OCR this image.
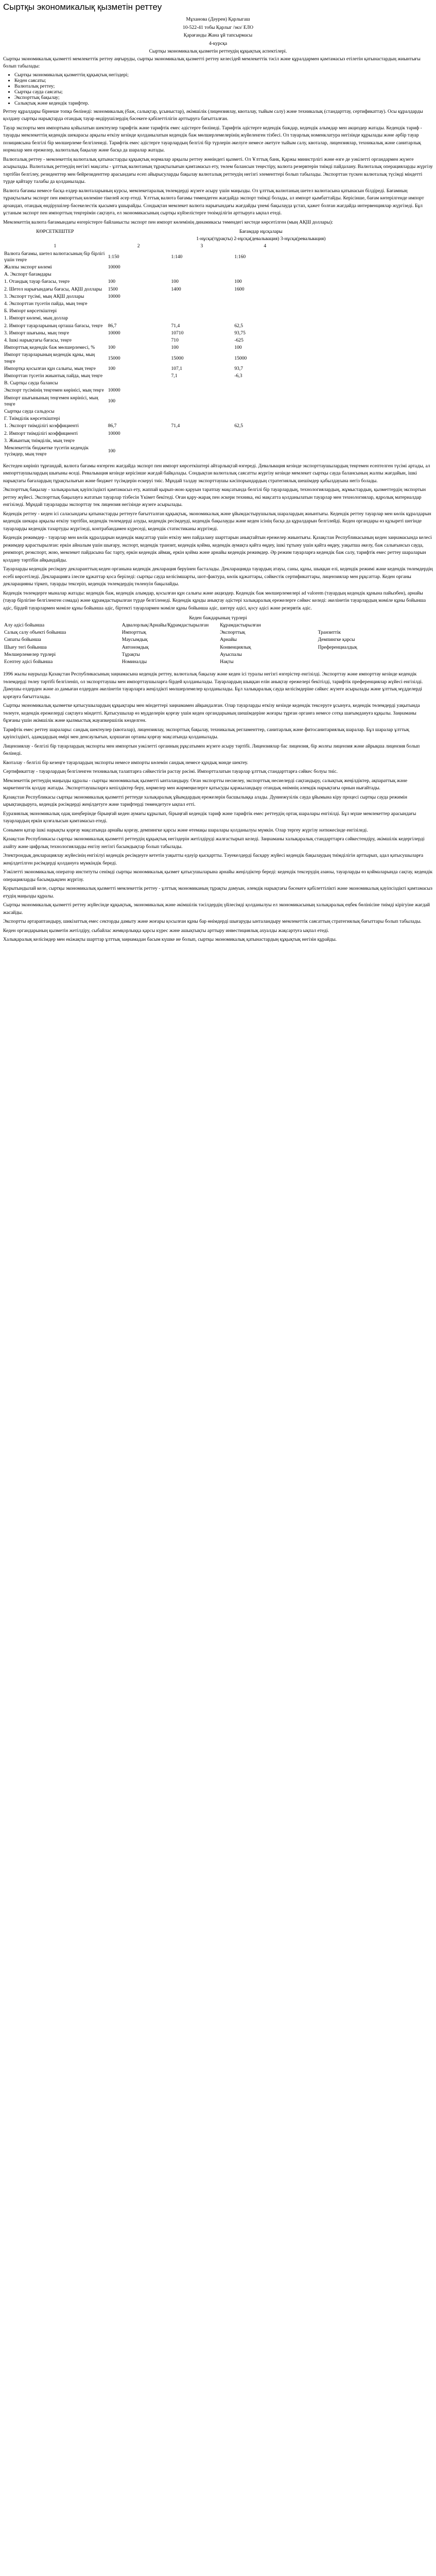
Сыртқы экономикалық қызметін реттеу
Мұханова (Дәурен) Қарлыгаш
10-522-41 тобы Қарлыг /экз/ ЕЛО
Қарағанды Жана ұй тапсырмасы
4-курсқа
Сыртқы экономикалық қызметін реттеудің құқықтық аспектілері.

Сыртқы экономикалық қызметті мемлекеттік реттеу аңғыруды, сыртқы экономикалық қызметті реттеу келесідей мемлекеттік тәсіл және құралдармен қамтамасыз етілетін қатынастардың жиынтығы болып табылады:

• Сыртқы экономикалық қызметтің құқықтық негіздері;
• Кеден саясаты;
• Валюталық реттеу;
• Сыртқы сауда саясаты;
• Экспорттық бақылау;
• Салықтық және кедендік тарифтер.

Реттеу құралдары бірнеше топқа бөлінеді: экономикалық (баж, салықтар, ұсыныстар), әкімшілік (лицензиялау, квоталау, тыйым салу) және техникалық (стандарттау, сертификаттау). Осы құралдарды қолдану сыртқы нарықтарда отандық тауар өндірушілердің бәсекеге қабілеттілігін арттыруға бағытталған.

Тауар экспорты мен импортына қойылатын шектеулер тарифтік және тарифтік емес әдістерге бөлінеді. Тарифтік әдістерге кедендік баждар, кедендік алымдар мен акциздер жатады. Кедендік тариф - тауарды мемлекеттің кедендік шекарасы арқылы өткізу кезінде қолданылатын кедендік баж мөлшерлемелерінің жүйеленген тізбесі. Ол тауарлық номенклатура негізінде құрылады және әрбір тауар позициясына белгілі бір мөлшерлеме белгіленеді. Тарифтік емес әдістерге тауарлардың белгілі бір түрлерін әкелуге немесе әкетуге тыйым салу, квоталар, лицензиялар, техникалық және санитарлық нормалар мен ережелер, валюталық бақылау және басқа да шаралар жатады.

Валюталық реттеу - мемлекеттің валюталық қатынастарды құқықтық нормалар арқылы реттеу жөніндегі қызметі. Ол Ұлттық банк, Қаржы министрлігі және өзге де уәкілетті органдармен жүзеге асырылады. Валюталық реттеудің негізгі мақсаты - ұлттық валютаның тұрақтылығын қамтамасыз ету, төлем балансын теңестіру, валюта резервтерін тиімді пайдалану. Валюталық операцияларды жүргізу тәртібін белгілеу, резиденттер мен бейрезиденттер арасындағы есеп айырысуларды бақылау валюталық реттеудің негізгі элементтері болып табылады. Экспорттан түскен валюталық түсімді міндетті түрде қайтару талабы да қолданылады.

Валюта бағамы немесе басқа елдер валюталарының курсы, мемлекетаралық төлемдерді жүзеге асыру үшін маңызды. Ол ұлттық валютаның шетел валютасына қатынасын білдіреді. Бағамның тұрақтылығы экспорт пен импорттың көлеміне тікелей әсер етеді. Ұлттық валюта бағамы төмендеген жағдайда экспорт тиімді болады, ал импорт қымбаттайды. Керісінше, бағам көтерілгенде импорт арзандап, отандық өндірушілер бәсекелестік қысымға ұшырайды. Сондықтан мемлекет валюта нарығындағы жағдайды үнемі бақылауда ұстап, қажет болған жағдайда интервенциялар жүргізеді. Бұл ұстаным экспорт пен импорттың теңгерімін сақтауға, ел экономикасының сыртқы күйзелістерге төзімділігін арттыруға ықпал етеді.

Мемлекеттің валюта бағамындағы өзгерістерге байланысты экспорт пен импорт көлемінің динамикасы төмендегі кестеде көрсетілген (мың АҚШ доллары):

КӨРСЕТКІШТЕР	Бағамдар нұсқалары			
	1-нұсқа(тұрақты) 2-нұсқа(девальвация) 3-нұсқа(ревальвация)			
1	2	3	4	
Валюта бағамы, шетел валютасының бір бірлігі үшін теңге	1:150	1:140	1:160	
Жалпы экспорт көлемі	10000			
А. Экспорт бағамдары				
1. Отандық тауар бағасы, теңге	100	100	100	
2. Шетел нарығындағы бағасы, АҚШ доллары	1500	1400	1600	
3. Экспорт түсімі, мың АҚШ доллары	10000			
4. Экспорттан түсетін пайда, мың теңге				
Б. Импорт көрсеткіштері				
1. Импорт көлемі, мың доллар				
2. Импорт тауарларының орташа бағасы, теңге	86,7	71,4	62,5	
3. Импорт шығыны, мың теңге	10000	10710	93,75	
4. Ішкі нарықтағы бағасы, теңге		710	-625	
Импорттық кедендік баж мөлшерлемесі, %	100	100	100	
Импорт тауарларының кедендік құны, мың теңге	15000	15000	15000	
Импортқа қосылған құн салығы, мың теңге	100	107,1	93,7	
Импорттан түсетін жиынтық пайда, мың теңге		7,1	-6,3	
В. Сыртқы сауда балансы				
Экспорт түсімінің теңгемен көрінісі, мың теңге	10000			
Импорт шығынының теңгемен көрінісі, мың теңге	100			
Сыртқы сауда сальдосы				
Г. Тиімділік көрсеткіштері				
1. Экспорт тиімділігі коэффициенті	86,7	71,4	62,5	
2. Импорт тиімділігі коэффициенті	10000			
3. Жиынтық тиімділік, мың теңге				
Мемлекеттік бюджетке түсетін кедендік түсімдер, мың теңге	100			

Кестеден көрініп тұрғандай, валюта бағамы өзгерген жағдайда экспорт пен импорт көрсеткіштері айтарлықтай өзгереді. Девальвация кезінде экспорттаушылардың теңгемен есептелген түсімі артады, ал импорттаушылардың шығыны өседі. Ревальвация кезінде керісінше жағдай байқалады. Сондықтан валюталық саясатты жүргізу кезінде мемлекет сыртқы сауда балансының жалпы жағдайын, ішкі нарықтағы бағалардың тұрақтылығын және бюджет түсімдерін ескеруі тиіс. Мұндай талдау экспорттаушы кәсіпорындардың стратегиялық шешімдер қабылдауына негіз болады.

Экспорттық бақылау - халықаралық қауіпсіздікті қамтамасыз ету, жаппай қырып-жою қаруын таратпау мақсатында белгілі бір тауарлардың, технологиялардың, жұмыстардың, қызметтердің экспортын реттеу жүйесі. Экспорттық бақылауға жататын тауарлар тізбесін Үкімет бекітеді. Оған қару-жарақ пен әскери техника, екі мақсатта қолданылатын тауарлар мен технологиялар, ядролық материалдар енгізіледі. Мұндай тауарларды экспорттау тек лицензия негізінде жүзеге асырылады.

Кедендік реттеу - кеден ісі саласындағы қатынастарды реттеуге бағытталған құқықтық, экономикалық және ұйымдастырушылық шаралардың жиынтығы. Кедендік реттеу тауарлар мен көлік құралдарын кедендік шекара арқылы өткізу тәртібін, кедендік төлемдерді алуды, кедендік ресімдеуді, кедендік бақылауды және кеден ісінің басқа да құралдарын белгілейді. Кеден органдары өз құзыреті шегінде тауарларды кедендік тазартуды жүргізеді, контрабандамен күреседі, кедендік статистиканы жүргізеді.

Кедендік режимдер - тауарлар мен көлік құралдарын кедендік мақсаттар үшін өткізу мен пайдалану шарттарын анықтайтын ережелер жиынтығы. Қазақстан Республикасының кеден заңнамасында келесі режимдер қарастырылған: еркін айналым үшін шығару, экспорт, кедендік транзит, кедендік қойма, кедендік аумақта қайта өңдеу, ішкі тұтыну үшін қайта өңдеу, уақытша әкелу, баж салығынсыз сауда, реимпорт, реэкспорт, жою, мемлекет пайдасына бас тарту, еркін кедендік аймақ, еркін қойма және арнайы кедендік режимдер. Әр режим тауарларға кедендік баж салу, тарифтік емес реттеу шараларын қолдану тәртібін айқындайды.

Тауарларды кедендік ресімдеу декларанттың кеден органына кедендік декларация беруінен басталады. Декларацияда тауардың атауы, саны, құны, шыққан елі, кедендік режимі және кедендік төлемдердің есебі көрсетіледі. Декларацияға ілеспе құжаттар қоса беріледі: сыртқы сауда келісімшарты, шот-фактура, көлік құжаттары, сәйкестік сертификаттары, лицензиялар мен рұқсаттар. Кеден органы декларацияны тіркеп, тауарды тексеріп, кедендік төлемдердің төленуін бақылайды.

Кедендік төлемдерге мыналар жатады: кедендік баж, кедендік алымдар, қосылған құн салығы және акциздер. Кедендік баж мөлшерлемелері ad valorem (тауардың кедендік құнына пайызбен), арнайы (тауар бірлігіне белгіленген сомада) және құрамдастырылған түрде белгіленеді. Кедендік құнды анықтау әдістері халықаралық ережелерге сәйкес келеді: әкелінетін тауарлардың мәміле құны бойынша әдіс, бірдей тауарлармен мәміле құны бойынша әдіс, біртекті тауарлармен мәміле құны бойынша әдіс, шегеру әдісі, қосу әдісі және резервтік әдіс.

Кеден баждарының түрлері
Алу әдісі бойынша	Адвалорлық/Арнайы/Құрамдастырылған	Құрамдастырылған	
Салық салу объекті бойынша	Импорттық	Экспорттық	Транзиттік
Сипаты бойынша	Маусымдық	Арнайы	Демпингке қарсы
Шығу тегі бойынша	Автономдық	Конвенциялық	Преференциалдық
Мөлшерлемелер түрлері	Тұрақты	Ауыспалы	
Есептеу әдісі бойынша	Номиналды	Нақты	

1996 жылы наурызда Қазақстан Республикасының заңнамасына кедендік реттеу, валюталық бақылау және кеден ісі туралы негізгі өзгерістер енгізілді. Экспорттау және импорттау кезінде кедендік төлемдерді төлеу тәртібі белгіленіп, ол экспорттаушы мен импорттаушыларға бірдей қолданылады. Тауарлардың шыққан елін анықтау ережелері бекітілді, тарифтік преференциялар жүйесі енгізілді. Дамушы елдерден және аз дамыған елдерден әкелінетін тауарларға жеңілдікті мөлшерлемелер қолданылады. Бұл халықаралық сауда келісімдеріне сәйкес жүзеге асырылады және ұлттық мүдделерді қорғауға бағытталады.

Сыртқы экономикалық қызметке қатысушылардың құқықтары мен міндеттері заңнамамен айқындалған. Олар тауарларды өткізу кезінде кедендік тексеруге ұсынуға, кедендік төлемдерді уақытында төлеуге, кедендік ережелерді сақтауға міндетті. Қатысушылар өз мүдделерін қорғау үшін кеден органдарының шешімдеріне жоғары тұрған органға немесе сотқа шағымдануға құқылы. Заңнаманы бұзғаны үшін әкімшілік және қылмыстық жауапкершілік көзделген.

Тарифтік емес реттеу шаралары: сандық шектеулер (квоталар), лицензиялау, экспорттық бақылау, техникалық регламенттер, санитарлық және фитосанитариялық шаралар. Бұл шаралар ұлттық қауіпсіздікті, адамдардың өмірі мен денсаулығын, қоршаған ортаны қорғау мақсатында қолданылады.

Лицензиялау - белгілі бір тауарлардың экспорты мен импортын уәкілетті органның рұқсатымен жүзеге асыру тәртібі. Лицензиялар бас лицензия, бір жолғы лицензия және айрықша лицензия болып бөлінеді.

Квоталау - белгілі бір кезеңге тауарлардың экспорты немесе импорты көлемін сандық немесе құндық мәнде шектеу.

Сертификаттау - тауарлардың белгіленген техникалық талаптарға сәйкестігін растау рәсімі. Импортталатын тауарлар ұлттық стандарттарға сәйкес болуы тиіс.

Мемлекеттік реттеудің маңызды құралы - сыртқы экономикалық қызметті ынталандыру. Оған экспортты несиелеу, экспорттық несиелерді сақтандыру, салықтық жеңілдіктер, ақпараттық және маркетингтік қолдау жатады. Экспорттаушыларға кепілдіктер беру, көрмелер мен жәрмеңкелерге қатысуды қаржыландыру отандық өнімнің әлемдік нарықтағы орнын нығайтады.

Қазақстан Республикасы сыртқы экономикалық қызметті реттеуде халықаралық ұйымдардың ережелерін басшылыққа алады. Дүниежүзілік сауда ұйымына кіру процесі сыртқы сауда режимін ырықтандыруға, кедендік рәсімдерді жеңілдетуге және тарифтерді төмендетуге ықпал етті.

Еуразиялық экономикалық одақ шеңберінде бірыңғай кеден аумағы құрылып, бірыңғай кедендік тариф және тарифтік емес реттеудің ортақ шаралары енгізілді. Бұл мүше мемлекеттер арасындағы тауарлардың еркін қозғалысын қамтамасыз етеді.

Сонымен қатар ішкі нарықты қорғау мақсатында арнайы қорғау, демпингке қарсы және өтемақы шаралары қолданылуы мүмкін. Олар тергеу жүргізу нәтижесінде енгізіледі.

Қазақстан Республикасы сыртқы экономикалық қызметті реттеудің құқықтық негіздерін жетілдіруді жалғастырып келеді. Заңнаманы халықаралық стандарттарға сәйкестендіру, әкімшілік кедергілерді азайту және цифрлық технологияларды енгізу негізгі басымдықтар болып табылады.

Электрондық декларациялау жүйесінің енгізілуі кедендік ресімдеуге кететін уақытты едәуір қысқартты. Тәуекелдерді басқару жүйесі кедендік бақылаудың тиімділігін арттырып, адал қатысушыларға жеңілдетілген рәсімдерді қолдануға мүмкіндік береді.

Уәкілетті экономикалық оператор институты сенімді сыртқы экономикалық қызмет қатысушыларына арнайы жеңілдіктер береді: кедендік тексерудің азаюы, тауарларды өз қоймаларында сақтау, кедендік операцияларды басымдықпен жүргізу.

Қорытындылай келе, сыртқы экономикалық қызметті мемлекеттік реттеу - ұлттық экономиканың тұрақты дамуын, әлемдік нарықтағы бәсекеге қабілеттілікті және экономикалық қауіпсіздікті қамтамасыз етудің маңызды құралы.

Сыртқы экономикалық қызметті реттеу жүйесінде құқықтық, экономикалық және әкімшілік тәсілдердің үйлесімді қолданылуы ел экономикасының халықаралық еңбек бөлінісіне тиімді кірігуіне жағдай жасайды.

Экспортты әртараптандыру, шикізаттық емес секторды дамыту және жоғары қосылған құны бар өнімдерді шығаруды ынталандыру мемлекеттік саясаттың стратегиялық бағыттары болып табылады.

Кеден органдарының қызметін жетілдіру, сыбайлас жемқорлыққа қарсы күрес және ашықтықты арттыру инвестициялық ахуалды жақсартуға ықпал етеді.

Халықаралық келісімдер мен екіжақты шарттар ұлттық заңнамадан басым күшке ие болып, сыртқы экономикалық қатынастардың құқықтық негізін құрайды.
